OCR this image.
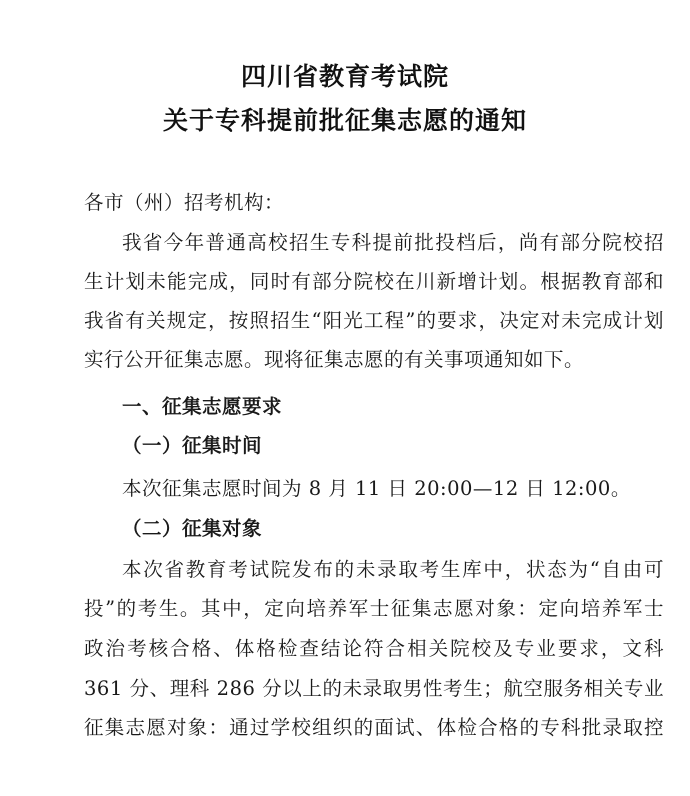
四川省教育考试院
关于专科提前批征集志愿的通知
各市（州）招考机构：
我省今年普通高校招生专科提前批投档后，尚有部分院校招
生计划未能完成，同时有部分院校在川新增计划。根据教育部和
我省有关规定，按照招生“阳光工程”的要求，决定对未完成计划
实行公开征集志愿。现将征集志愿的有关事项通知如下。
一、征集志愿要求
（一）征集时间
本次征集志愿时间为 8 月 11 日 20:00—12 日 12:00。
（二）征集对象
本次省教育考试院发布的未录取考生库中，状态为“自由可
投”的考生。其中，定向培养军士征集志愿对象：定向培养军士
政治考核合格、体格检查结论符合相关院校及专业要求，文科
361 分、理科 286 分以上的未录取男性考生；航空服务相关专业
征集志愿对象：通过学校组织的面试、体检合格的专科批录取控
